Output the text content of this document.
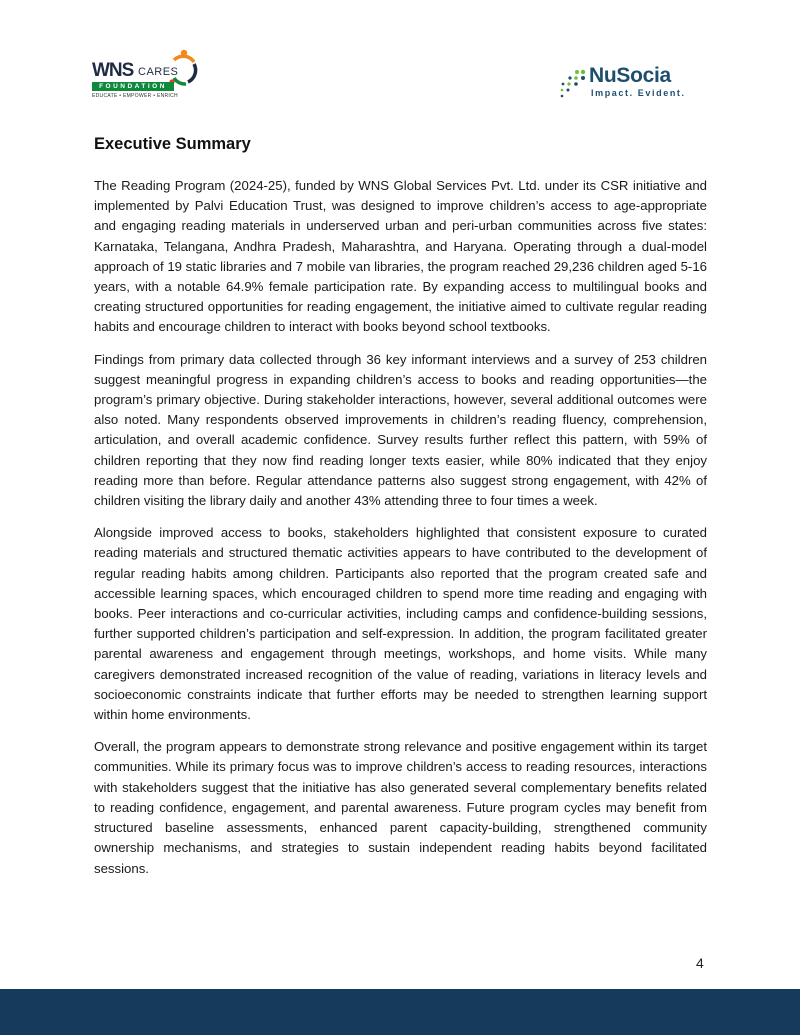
WNS CARES
FOUNDATION
EDUCATE • EMPOWER • ENRICH
NuSocia
Impact. Evident.
Executive Summary

The Reading Program (2024-25), funded by WNS Global Services Pvt. Ltd. under its CSR initiative and implemented by Palvi Education Trust, was designed to improve children’s access to age-appropriate and engaging reading materials in underserved urban and peri-urban communities across five states: Karnataka, Telangana, Andhra Pradesh, Maharashtra, and Haryana. Operating through a dual-model approach of 19 static libraries and 7 mobile van libraries, the program reached 29,236 children aged 5-16 years, with a notable 64.9% female participation rate. By expanding access to multilingual books and creating structured opportunities for reading engagement, the initiative aimed to cultivate regular reading habits and encourage children to interact with books beyond school textbooks.

Findings from primary data collected through 36 key informant interviews and a survey of 253 children suggest meaningful progress in expanding children’s access to books and reading opportunities—the program’s primary objective. During stakeholder interactions, however, several additional outcomes were also noted. Many respondents observed improvements in children’s reading fluency, comprehension, articulation, and overall academic confidence. Survey results further reflect this pattern, with 59% of children reporting that they now find reading longer texts easier, while 80% indicated that they enjoy reading more than before. Regular attendance patterns also suggest strong engagement, with 42% of children visiting the library daily and another 43% attending three to four times a week.

Alongside improved access to books, stakeholders highlighted that consistent exposure to curated reading materials and structured thematic activities appears to have contributed to the development of regular reading habits among children. Participants also reported that the program created safe and accessible learning spaces, which encouraged children to spend more time reading and engaging with books. Peer interactions and co-curricular activities, including camps and confidence-building sessions, further supported children’s participation and self-expression. In addition, the program facilitated greater parental awareness and engagement through meetings, workshops, and home visits. While many caregivers demonstrated increased recognition of the value of reading, variations in literacy levels and socioeconomic constraints indicate that further efforts may be needed to strengthen learning support within home environments.

Overall, the program appears to demonstrate strong relevance and positive engagement within its target communities. While its primary focus was to improve children’s access to reading resources, interactions with stakeholders suggest that the initiative has also generated several complementary benefits related to reading confidence, engagement, and parental awareness. Future program cycles may benefit from structured baseline assessments, enhanced parent capacity-building, strengthened community ownership mechanisms, and strategies to sustain independent reading habits beyond facilitated sessions.

4
